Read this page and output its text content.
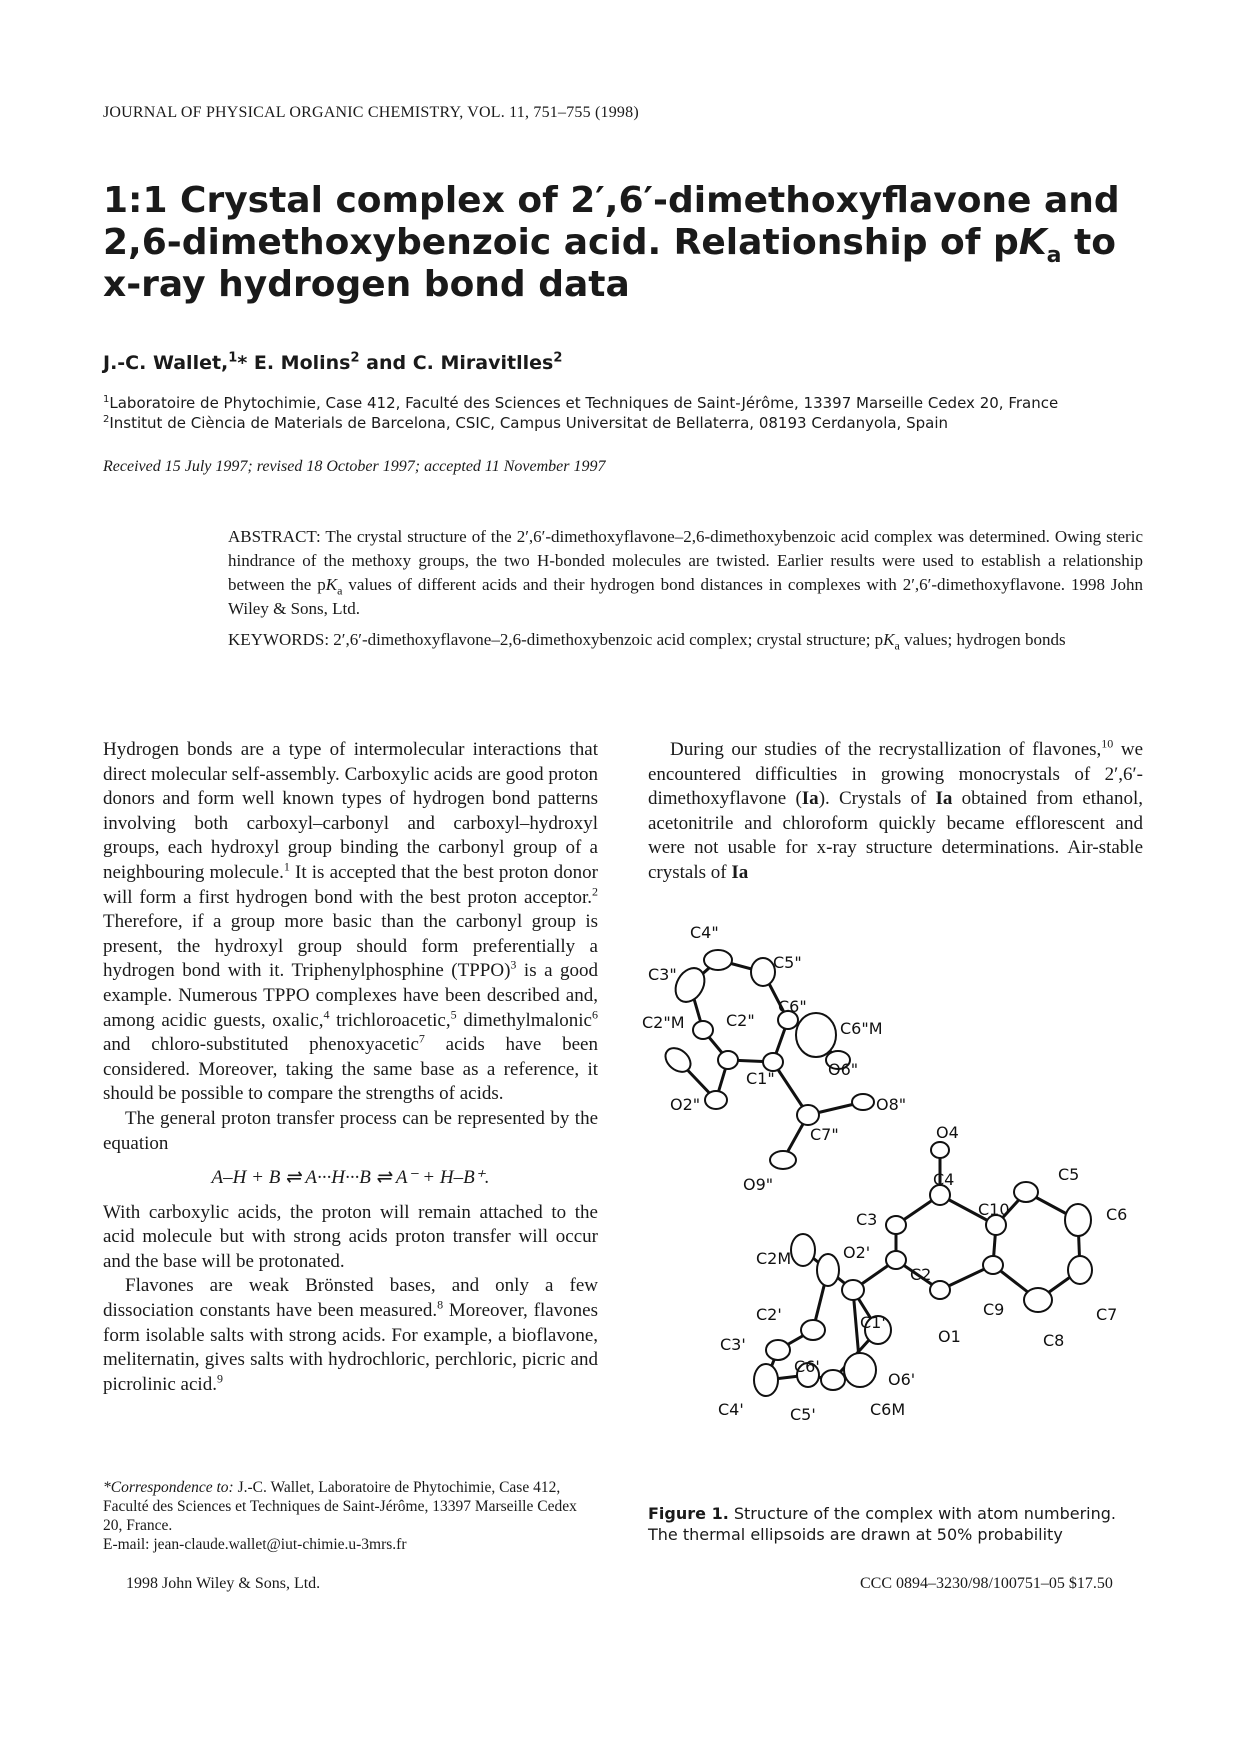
JOURNAL OF PHYSICAL ORGANIC CHEMISTRY, VOL. 11, 751–755 (1998)
1:1 Crystal complex of 2′,6′-dimethoxyflavone and 2,6-dimethoxybenzoic acid. Relationship of $pK_a$ to x-ray hydrogen bond data
J.-C. Wallet,$^1$* E. Molins$^2$ and C. Miravitlles$^2$
$^1$Laboratoire de Phytochimie, Case 412, Faculté des Sciences et Techniques de Saint-Jérôme, 13397 Marseille Cedex 20, France
$^2$Institut de Ciència de Materials de Barcelona, CSIC, Campus Universitat de Bellaterra, 08193 Cerdanyola, Spain
Received 15 July 1997; revised 18 October 1997; accepted 11 November 1997
ABSTRACT: The crystal structure of the 2′,6′-dimethoxyflavone–2,6-dimethoxybenzoic acid complex was determined. Owing steric hindrance of the methoxy groups, the two H-bonded molecules are twisted. Earlier results were used to establish a relationship between the $pK_a$ values of different acids and their hydrogen bond distances in complexes with 2′,6′-dimethoxyflavone. 1998 John Wiley & Sons, Ltd.
KEYWORDS: 2′,6′-dimethoxyflavone–2,6-dimethoxybenzoic acid complex; crystal structure; $pK_a$ values; hydrogen bonds

Hydrogen bonds are a type of intermolecular interactions that direct molecular self-assembly. Carboxylic acids are good proton donors and form well known types of hydrogen bond patterns involving both carboxyl–carbonyl and carboxyl–hydroxyl groups, each hydroxyl group binding the carbonyl group of a neighbouring molecule.$^1$ It is accepted that the best proton donor will form a first hydrogen bond with the best proton acceptor.$^2$ Therefore, if a group more basic than the carbonyl group is present, the hydroxyl group should form preferentially a hydrogen bond with it. Triphenylphosphine (TPPO)$^3$ is a good example. Numerous TPPO complexes have been described and, among acidic guests, oxalic,$^4$ trichloroacetic,$^5$ dimethylmalonic$^6$ and chloro-substituted phenoxyacetic$^7$ acids have been considered. Moreover, taking the same base as a reference, it should be possible to compare the strengths of acids.

The general proton transfer process can be represented by the equation

A–H + B ⇌ A···H···B ⇌ A⁻ + H–B⁺.

With carboxylic acids, the proton will remain attached to the acid molecule but with strong acids proton transfer will occur and the base will be protonated.

Flavones are weak Brönsted bases, and only a few dissociation constants have been measured.$^8$ Moreover, flavones form isolable salts with strong acids. For example, a bioflavone, meliternatin, gives salts with hydrochloric, perchloric, picric and picrolinic acid.$^9$

During our studies of the recrystallization of flavones,$^{10}$ we encountered difficulties in growing monocrystals of 2′,6′-dimethoxyflavone (Ia). Crystals of Ia obtained from ethanol, acetonitrile and chloroform quickly became efflorescent and were not usable for x-ray structure determinations. Air-stable crystals of Ia

C4"
C3"
C5"
C2"M	C2"
C6"
C6"M
O6"
C1"
O2"	O8"
C7"
O9"
O4
C4	C5
C10	C6
C3
O2'
C2M
C2
C2'	C1'
C9	C7
C3'
C6'
O1	C8
O6'
C4'	C5'	C6M
Figure 1. Structure of the complex with atom numbering. The thermal ellipsoids are drawn at 50% probability
*Correspondence to: J.-C. Wallet, Laboratoire de Phytochimie, Case 412, Faculté des Sciences et Techniques de Saint-Jérôme, 13397 Marseille Cedex 20, France.
E-mail: jean-claude.wallet@iut-chimie.u-3mrs.fr
1998 John Wiley & Sons, Ltd.	CCC 0894–3230/98/100751–05 $17.50
